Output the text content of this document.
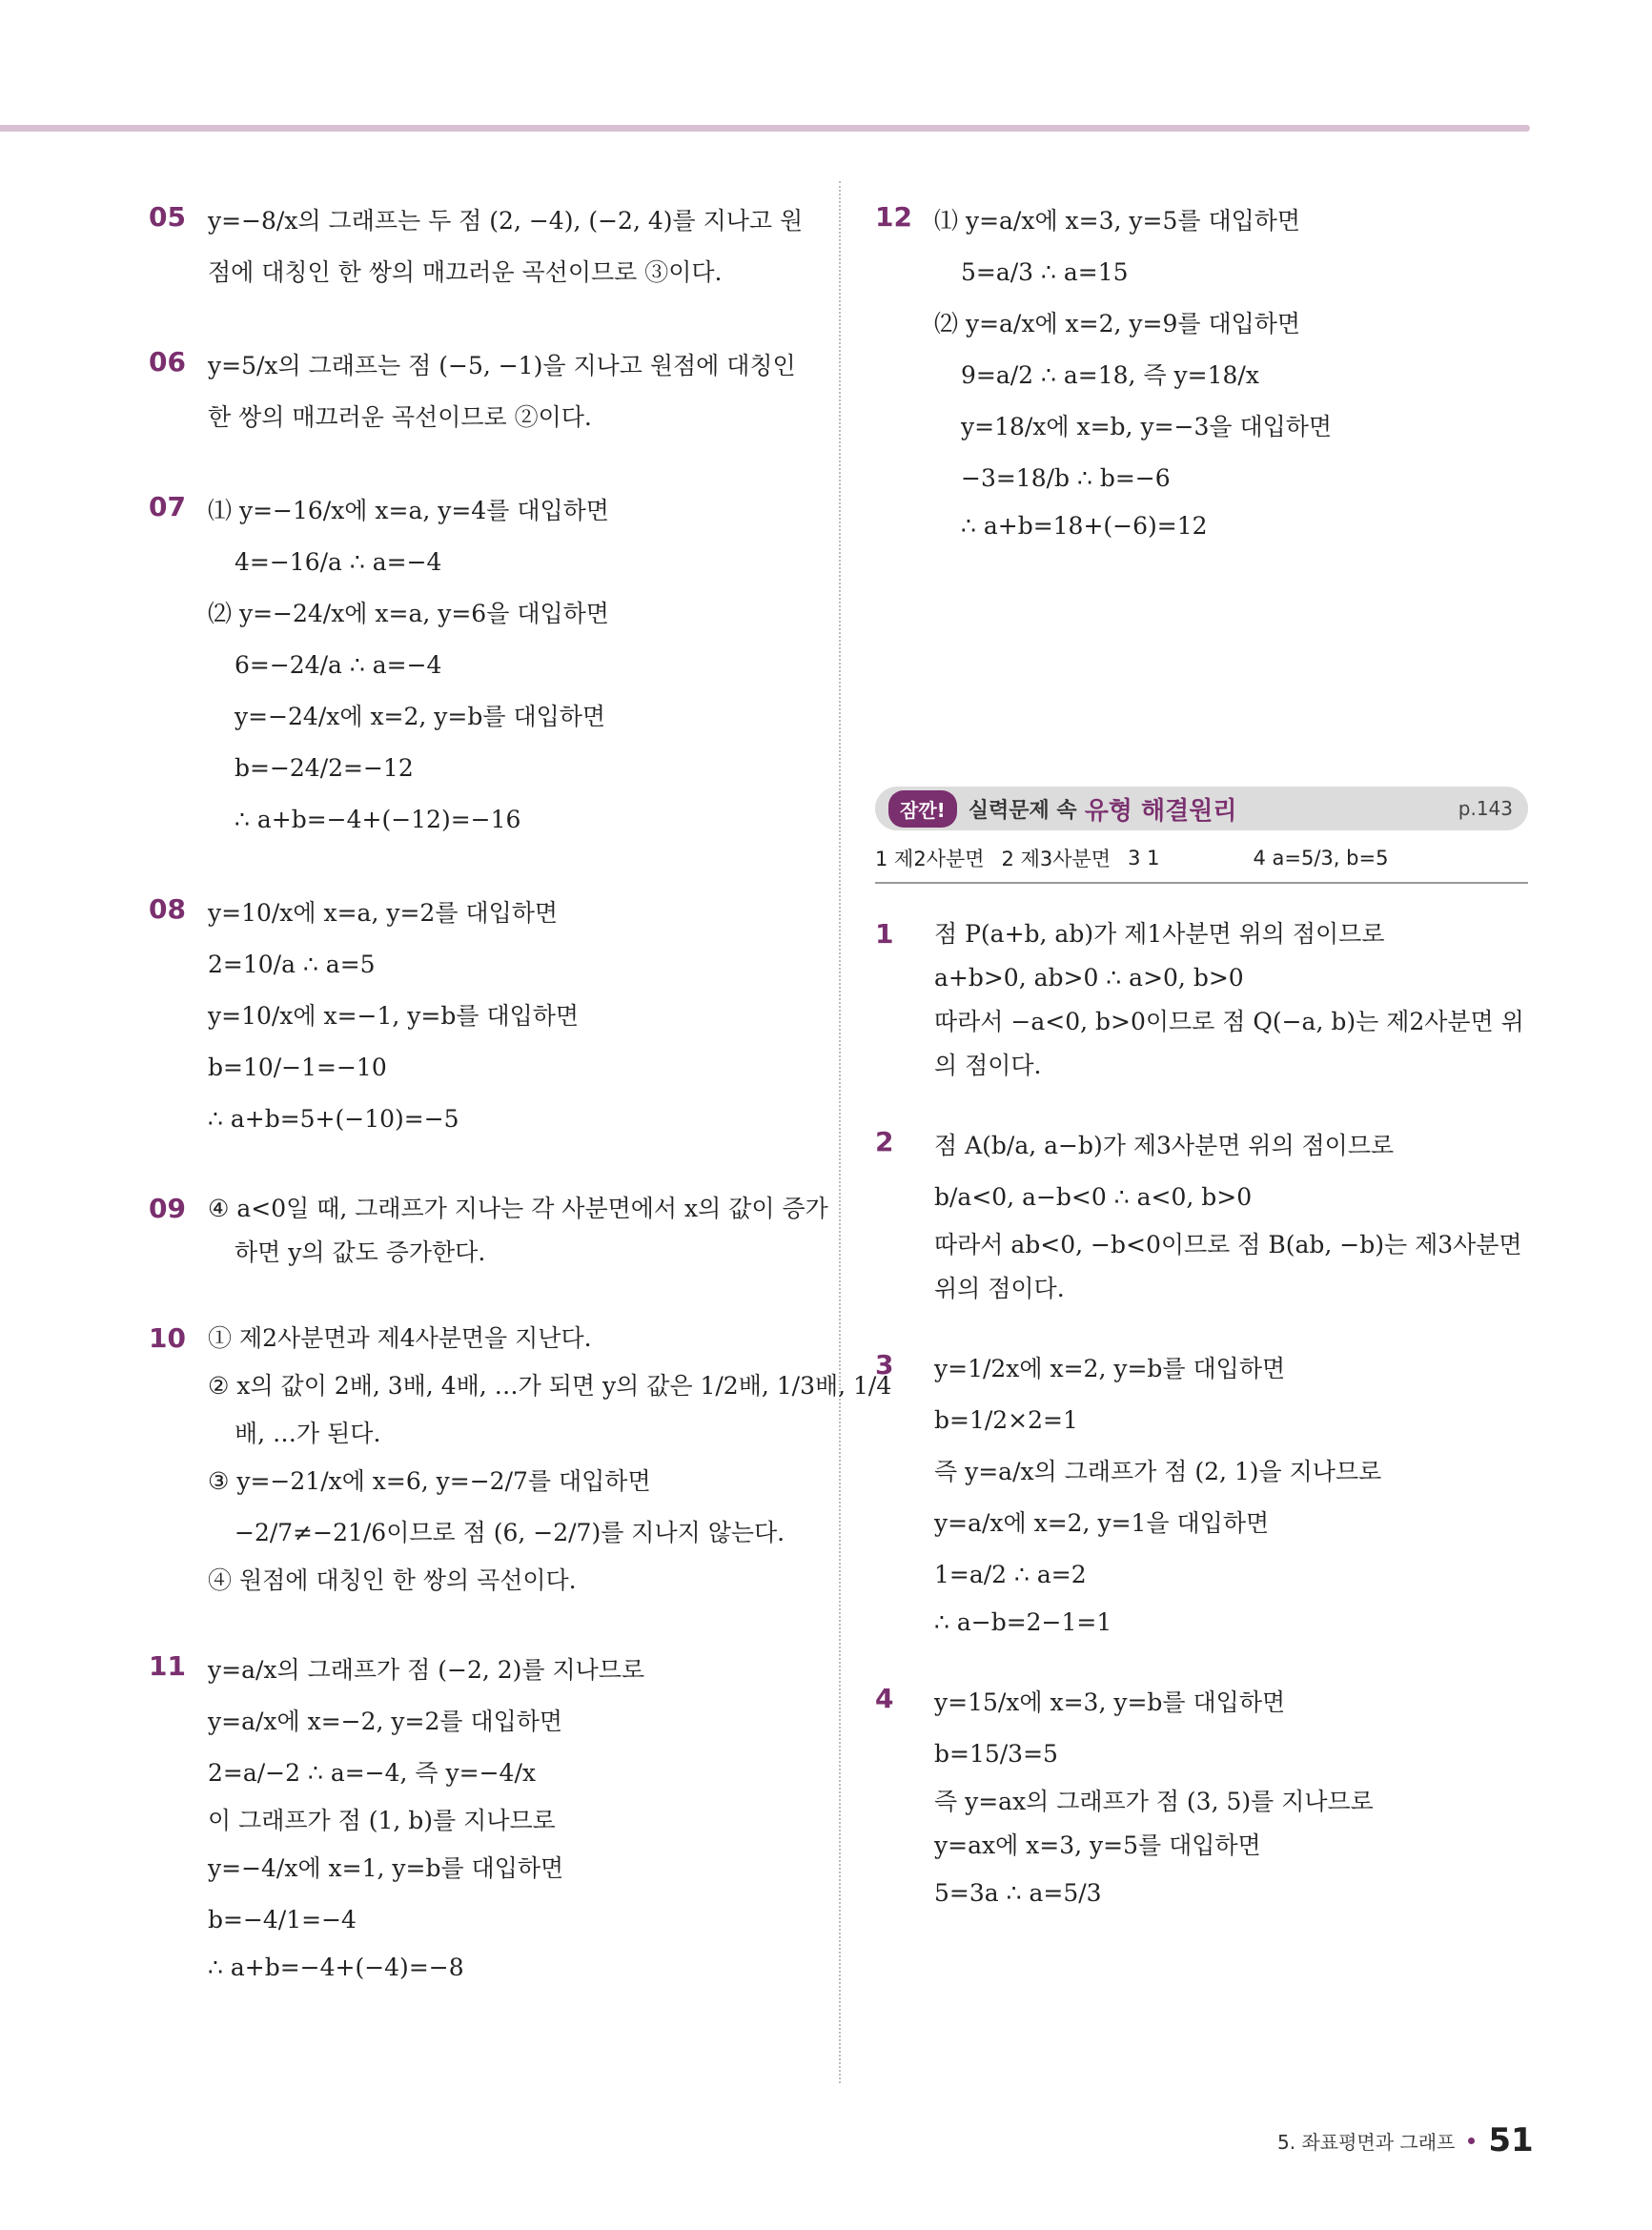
05 y=−8/x의 그래프는 두 점 (2, −4), (−2, 4)를 지나고 원
점에 대칭인 한 쌍의 매끄러운 곡선이므로 ③이다.
06 y=5/x의 그래프는 점 (−5, −1)을 지나고 원점에 대칭인
한 쌍의 매끄러운 곡선이므로 ②이다.
07 ⑴ y=−16/x에 x=a, y=4를 대입하면
4=−16/a ∴ a=−4
⑵ y=−24/x에 x=a, y=6을 대입하면
6=−24/a ∴ a=−4
y=−24/x에 x=2, y=b를 대입하면
b=−24/2=−12
∴ a+b=−4+(−12)=−16
08 y=10/x에 x=a, y=2를 대입하면
2=10/a ∴ a=5
y=10/x에 x=−1, y=b를 대입하면
b=10/−1=−10
∴ a+b=5+(−10)=−5
09 ④ a<0일 때, 그래프가 지나는 각 사분면에서 x의 값이 증가
하면 y의 값도 증가한다.
10 ① 제2사분면과 제4사분면을 지난다.
② x의 값이 2배, 3배, 4배, …가 되면 y의 값은 1/2배, 1/3배, 1/4
배, …가 된다.
③ y=−21/x에 x=6, y=−2/7를 대입하면
−2/7≠−21/6이므로 점 (6, −2/7)를 지나지 않는다.
④ 원점에 대칭인 한 쌍의 곡선이다.
11 y=a/x의 그래프가 점 (−2, 2)를 지나므로
y=a/x에 x=−2, y=2를 대입하면
2=a/−2 ∴ a=−4, 즉 y=−4/x
이 그래프가 점 (1, b)를 지나므로
y=−4/x에 x=1, y=b를 대입하면
b=−4/1=−4
∴ a+b=−4+(−4)=−8
12 ⑴ y=a/x에 x=3, y=5를 대입하면
5=a/3 ∴ a=15
⑵ y=a/x에 x=2, y=9를 대입하면
9=a/2 ∴ a=18, 즉 y=18/x
y=18/x에 x=b, y=−3을 대입하면
−3=18/b ∴ b=−6
∴ a+b=18+(−6)=12
잠깐!	실력문제 속 유형 해결원리	p.143
1 제2사분면 2 제3사분면 3 1	4 a=5/3, b=5
1 점 P(a+b, ab)가 제1사분면 위의 점이므로
a+b>0, ab>0 ∴ a>0, b>0
따라서 −a<0, b>0이므로 점 Q(−a, b)는 제2사분면 위
의 점이다.
2 점 A(b/a, a−b)가 제3사분면 위의 점이므로
b/a<0, a−b<0 ∴ a<0, b>0
따라서 ab<0, −b<0이므로 점 B(ab, −b)는 제3사분면
위의 점이다.
3 y=1/2x에 x=2, y=b를 대입하면
b=1/2×2=1
즉 y=a/x의 그래프가 점 (2, 1)을 지나므로
y=a/x에 x=2, y=1을 대입하면
1=a/2 ∴ a=2
∴ a−b=2−1=1
4 y=15/x에 x=3, y=b를 대입하면
b=15/3=5
즉 y=ax의 그래프가 점 (3, 5)를 지나므로
y=ax에 x=3, y=5를 대입하면
5=3a ∴ a=5/3
5. 좌표평면과 그래프 51
